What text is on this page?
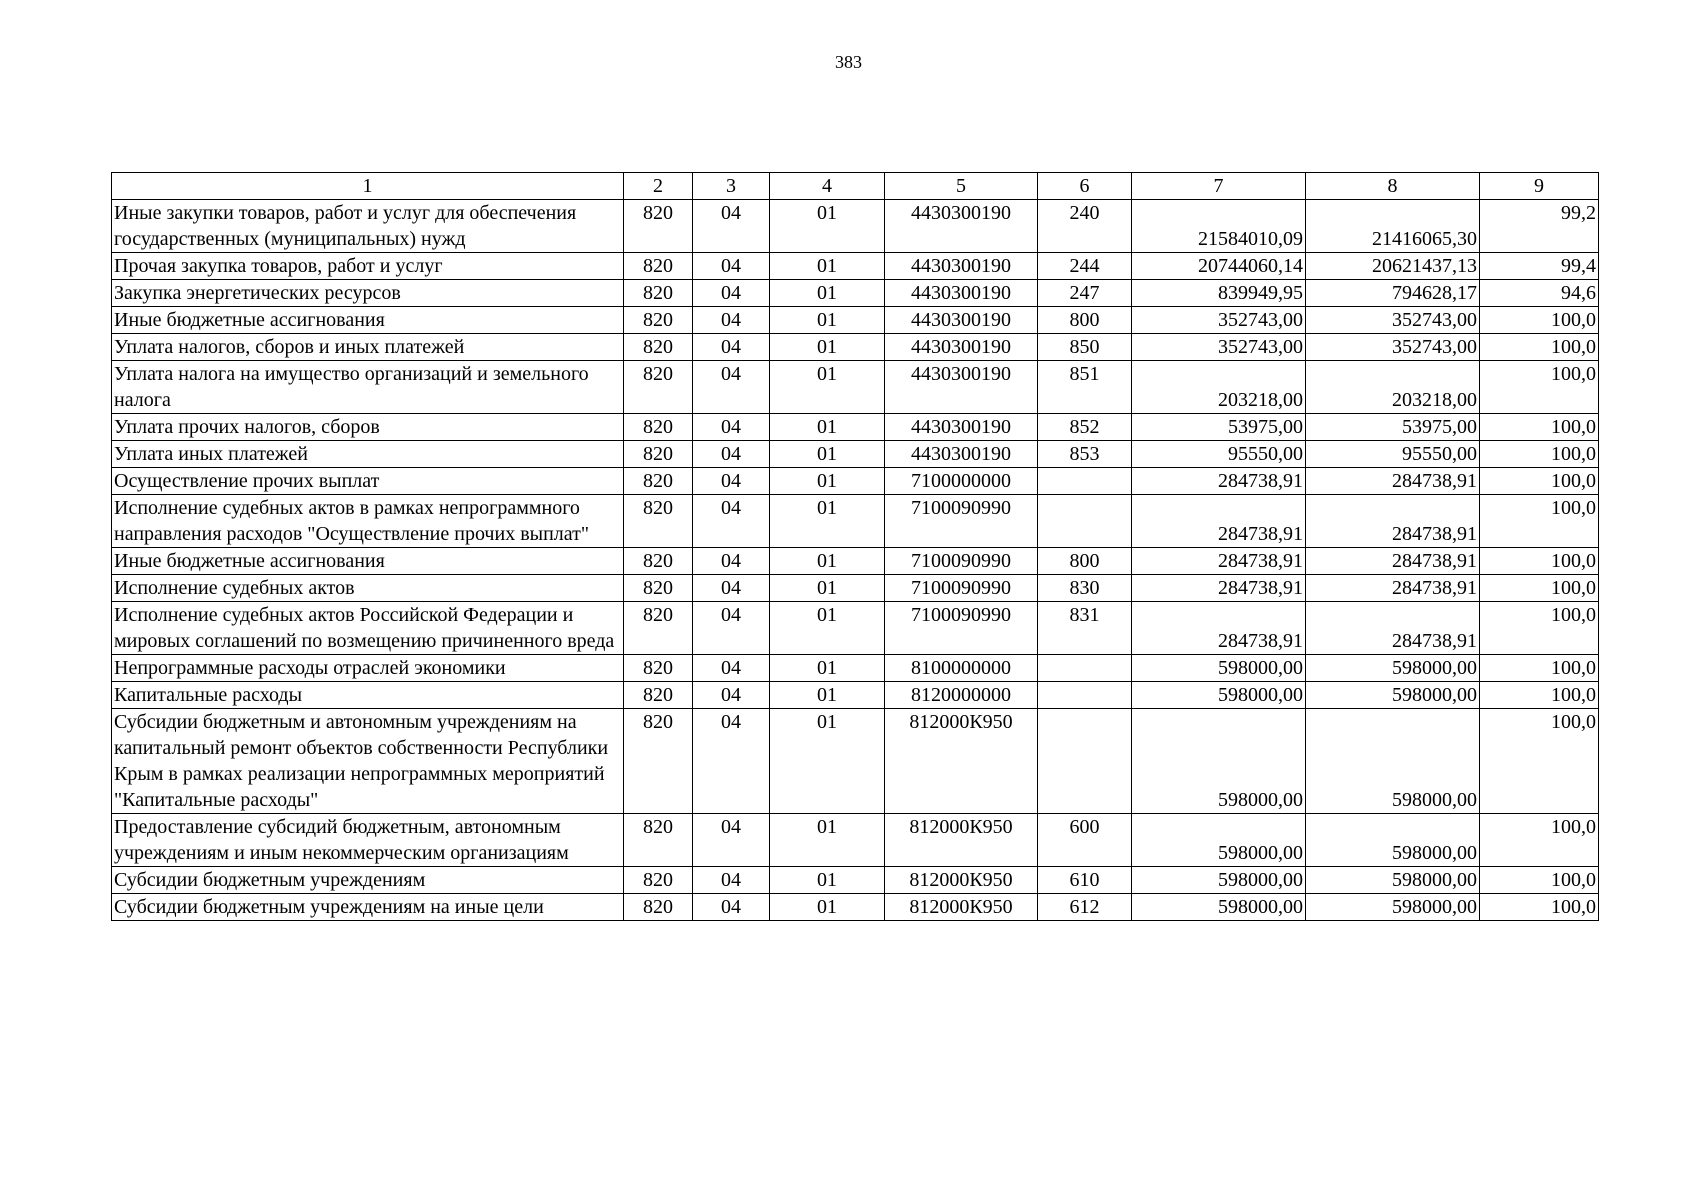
383
1	2	3	4	5	6	7	8	9
Иные закупки товаров, работ и услуг для обеспечения государственных (муниципальных) нужд	820	04	01	4430300190	240	21584010,09	21416065,30	99,2
Прочая закупка товаров, работ и услуг	820	04	01	4430300190	244	20744060,14	20621437,13	99,4
Закупка энергетических ресурсов	820	04	01	4430300190	247	839949,95	794628,17	94,6
Иные бюджетные ассигнования	820	04	01	4430300190	800	352743,00	352743,00	100,0
Уплата налогов, сборов и иных платежей	820	04	01	4430300190	850	352743,00	352743,00	100,0
Уплата налога на имущество организаций и земельного налога	820	04	01	4430300190	851	203218,00	203218,00	100,0
Уплата прочих налогов, сборов	820	04	01	4430300190	852	53975,00	53975,00	100,0
Уплата иных платежей	820	04	01	4430300190	853	95550,00	95550,00	100,0
Осуществление прочих выплат	820	04	01	7100000000		284738,91	284738,91	100,0
Исполнение судебных актов в рамках непрограммного направления расходов "Осуществление прочих выплат"	820	04	01	7100090990		284738,91	284738,91	100,0
Иные бюджетные ассигнования	820	04	01	7100090990	800	284738,91	284738,91	100,0
Исполнение судебных актов	820	04	01	7100090990	830	284738,91	284738,91	100,0
Исполнение судебных актов Российской Федерации и мировых соглашений по возмещению причиненного вреда	820	04	01	7100090990	831	284738,91	284738,91	100,0
Непрограммные расходы отраслей экономики	820	04	01	8100000000		598000,00	598000,00	100,0
Капитальные расходы	820	04	01	8120000000		598000,00	598000,00	100,0
Субсидии бюджетным и автономным учреждениям на капитальный ремонт объектов собственности Республики Крым в рамках реализации непрограммных мероприятий "Капитальные расходы"	820	04	01	812000К950		598000,00	598000,00	100,0
Предоставление субсидий бюджетным, автономным учреждениям и иным некоммерческим организациям	820	04	01	812000К950	600	598000,00	598000,00	100,0
Субсидии бюджетным учреждениям	820	04	01	812000К950	610	598000,00	598000,00	100,0
Субсидии бюджетным учреждениям на иные цели	820	04	01	812000К950	612	598000,00	598000,00	100,0
